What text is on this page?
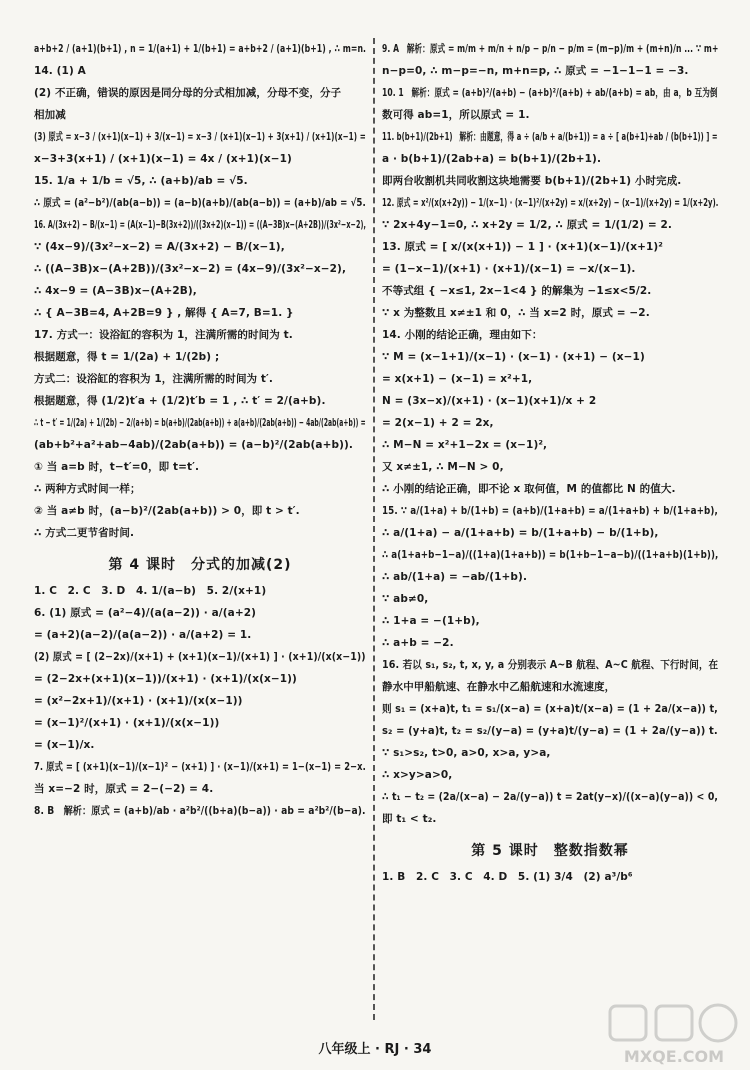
a+b+2 / (a+1)(b+1) , n = 1/(a+1) + 1/(b+1) = a+b+2 / (a+1)(b+1) , ∴ m=n.
14. (1) A
(2) 不正确，错误的原因是同分母的分式相加减，分母不变，分子
相加减
(3) 原式 = x−3 / (x+1)(x−1) + 3/(x−1) = x−3 / (x+1)(x−1) + 3(x+1) / (x+1)(x−1) =
x−3+3(x+1) / (x+1)(x−1) = 4x / (x+1)(x−1)
15. 1/a + 1/b = √5, ∴ (a+b)/ab = √5.
∴ 原式 = (a²−b²)/(ab(a−b)) = (a−b)(a+b)/(ab(a−b)) = (a+b)/ab = √5.
16. A/(3x+2) − B/(x−1) = (A(x−1)−B(3x+2))/((3x+2)(x−1)) = ((A−3B)x−(A+2B))/(3x²−x−2),
∵ (4x−9)/(3x²−x−2) = A/(3x+2) − B/(x−1),
∴ ((A−3B)x−(A+2B))/(3x²−x−2) = (4x−9)/(3x²−x−2),
∴ 4x−9 = (A−3B)x−(A+2B),
∴ { A−3B=4, A+2B=9 } , 解得 { A=7, B=1. }
17. 方式一：设浴缸的容积为 1，注满所需的时间为 t.
根据题意，得 t = 1/(2a) + 1/(2b) ;
方式二：设浴缸的容积为 1，注满所需的时间为 t′.
根据题意，得 (1/2)t′a + (1/2)t′b = 1 , ∴ t′ = 2/(a+b).
∴ t − t′ = 1/(2a) + 1/(2b) − 2/(a+b) = b(a+b)/(2ab(a+b)) + a(a+b)/(2ab(a+b)) − 4ab/(2ab(a+b)) =
(ab+b²+a²+ab−4ab)/(2ab(a+b)) = (a−b)²/(2ab(a+b)).
① 当 a=b 时，t−t′=0，即 t=t′.
∴ 两种方式时间一样；
② 当 a≠b 时，(a−b)²/(2ab(a+b)) > 0，即 t > t′.
∴ 方式二更节省时间.
第 4 课时　分式的加减(2)
1. C　2. C　3. D　4. 1/(a−b)　5. 2/(x+1)
6. (1) 原式 = (a²−4)/(a(a−2)) · a/(a+2)
= (a+2)(a−2)/(a(a−2)) · a/(a+2) = 1.
(2) 原式 = [ (2−2x)/(x+1) + (x+1)(x−1)/(x+1) ] · (x+1)/(x(x−1))
= (2−2x+(x+1)(x−1))/(x+1) · (x+1)/(x(x−1))
= (x²−2x+1)/(x+1) · (x+1)/(x(x−1))
= (x−1)²/(x+1) · (x+1)/(x(x−1))
= (x−1)/x.
7. 原式 = [ (x+1)(x−1)/(x−1)² − (x+1) ] · (x−1)/(x+1) = 1−(x−1) = 2−x.
当 x=−2 时，原式 = 2−(−2) = 4.
8. B　解析：原式 = (a+b)/ab · a²b²/((b+a)(b−a)) · ab = a²b²/(b−a).
9. A　解析：原式 = m/m + m/n + n/p − p/n − p/m = (m−p)/m + (m+n)/n ... ∵ m+
n−p=0, ∴ m−p=−n, m+n=p, ∴ 原式 = −1−1−1 = −3.
10. 1　解析：原式 = (a+b)²/(a+b) − (a+b)²/(a+b) + ab/(a+b) = ab，由 a，b 互为倒
数可得 ab=1，所以原式 = 1.
11. b(b+1)/(2b+1)　解析：由题意，得 a ÷ (a/b + a/(b+1)) = a ÷ [ a(b+1)+ab / (b(b+1)) ] =
a · b(b+1)/(2ab+a) = b(b+1)/(2b+1).
即两台收割机共同收割这块地需要 b(b+1)/(2b+1) 小时完成.
12. 原式 = x²/(x(x+2y)) − 1/(x−1) · (x−1)²/(x+2y) = x/(x+2y) − (x−1)/(x+2y) = 1/(x+2y).
∵ 2x+4y−1=0, ∴ x+2y = 1/2, ∴ 原式 = 1/(1/2) = 2.
13. 原式 = [ x/(x(x+1)) − 1 ] · (x+1)(x−1)/(x+1)²
= (1−x−1)/(x+1) · (x+1)/(x−1) = −x/(x−1).
不等式组 { −x≤1, 2x−1<4 } 的解集为 −1≤x<5/2.
∵ x 为整数且 x≠±1 和 0，∴ 当 x=2 时，原式 = −2.
14. 小刚的结论正确，理由如下：
∵ M = (x−1+1)/(x−1) · (x−1) · (x+1) − (x−1)
= x(x+1) − (x−1) = x²+1,
N = (3x−x)/(x+1) · (x−1)(x+1)/x + 2
= 2(x−1) + 2 = 2x,
∴ M−N = x²+1−2x = (x−1)²,
又 x≠±1, ∴ M−N > 0,
∴ 小刚的结论正确，即不论 x 取何值，M 的值都比 N 的值大.
15. ∵ a/(1+a) + b/(1+b) = (a+b)/(1+a+b) = a/(1+a+b) + b/(1+a+b),
∴ a/(1+a) − a/(1+a+b) = b/(1+a+b) − b/(1+b),
∴ a(1+a+b−1−a)/((1+a)(1+a+b)) = b(1+b−1−a−b)/((1+a+b)(1+b)),
∴ ab/(1+a) = −ab/(1+b).
∵ ab≠0,
∴ 1+a = −(1+b),
∴ a+b = −2.
16. 若以 s₁, s₂, t, x, y, a 分别表示 A~B 航程、A~C 航程、下行时间，在
静水中甲船航速、在静水中乙船航速和水流速度，
则 s₁ = (x+a)t, t₁ = s₁/(x−a) = (x+a)t/(x−a) = (1 + 2a/(x−a)) t,
s₂ = (y+a)t, t₂ = s₂/(y−a) = (y+a)t/(y−a) = (1 + 2a/(y−a)) t.
∵ s₁>s₂, t>0, a>0, x>a, y>a,
∴ x>y>a>0,
∴ t₁ − t₂ = (2a/(x−a) − 2a/(y−a)) t = 2at(y−x)/((x−a)(y−a)) < 0,
即 t₁ < t₂.
第 5 课时　整数指数幂
1. B　2. C　3. C　4. D　5. (1) 3/4　(2) a³/b⁶
八年级上 · RJ · 34	MXQE.COM
